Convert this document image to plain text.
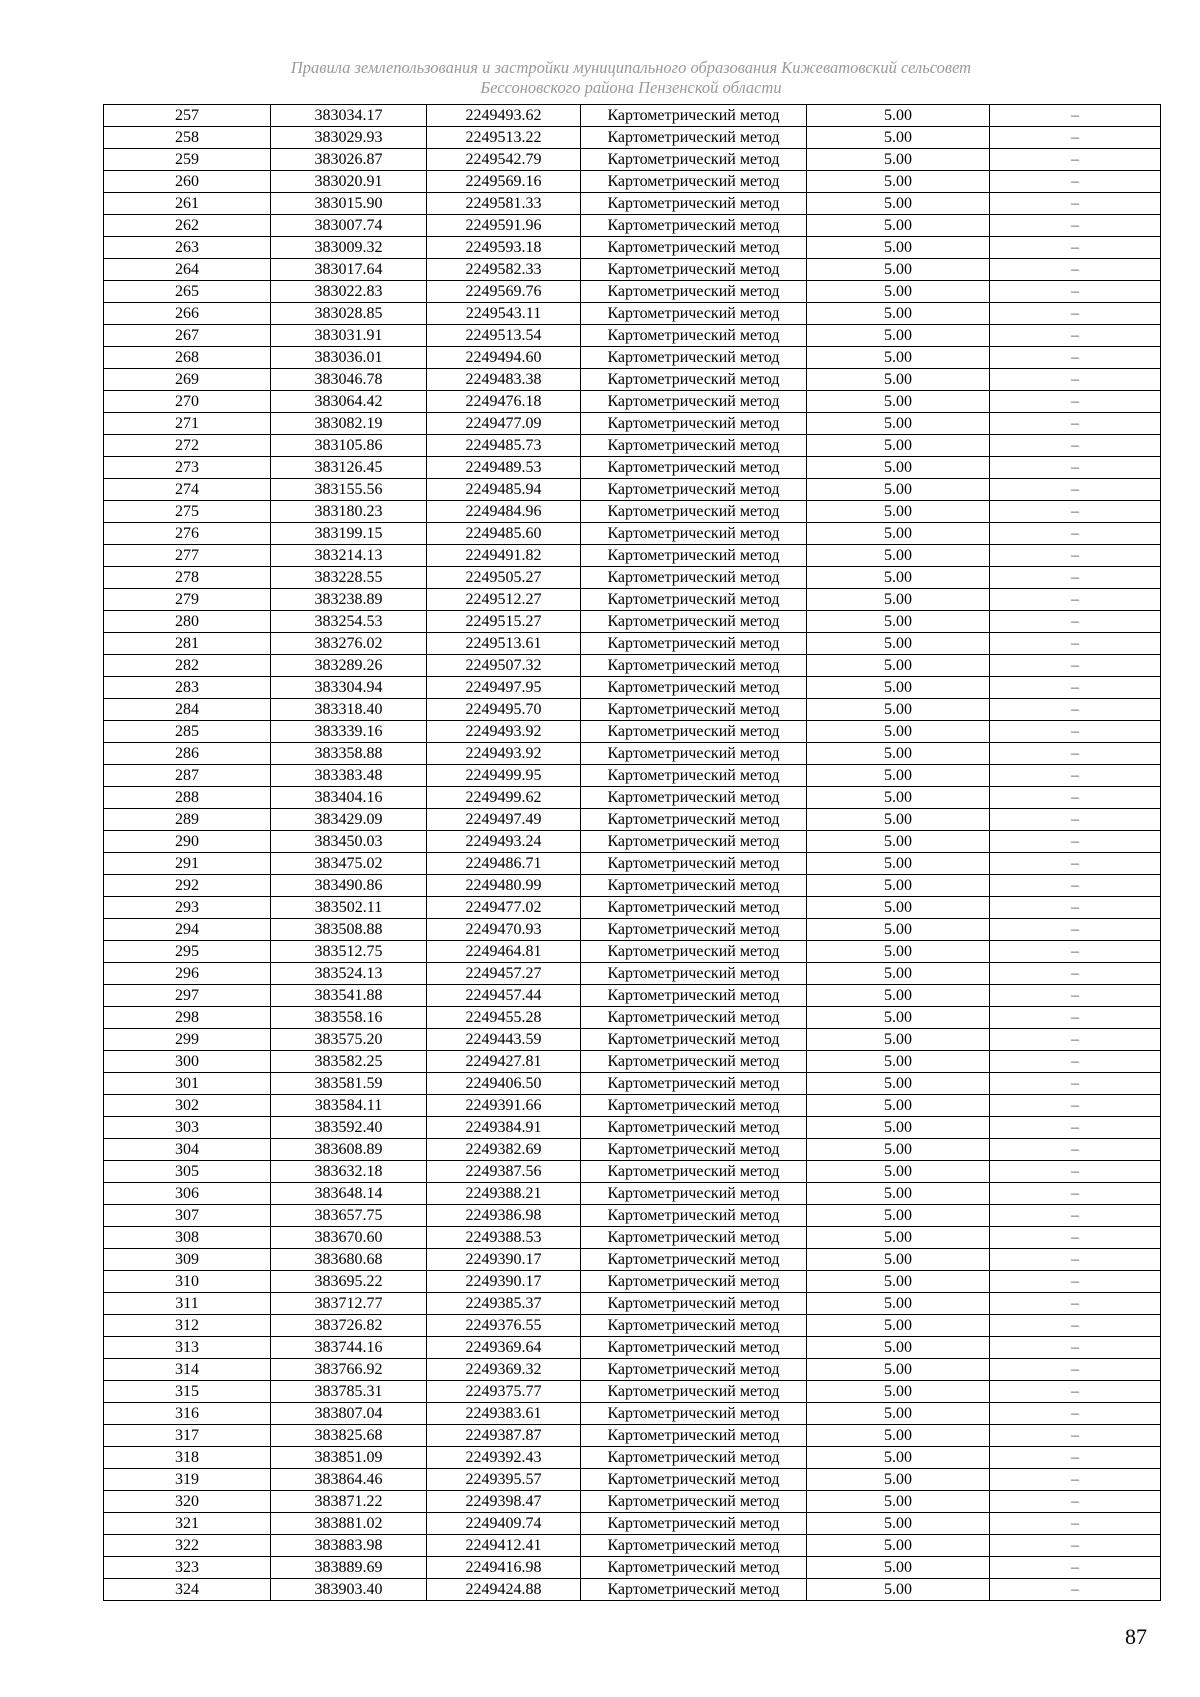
Правила землепользования и застройки муниципального образования Кижеватовский сельсовет
Бессоновского района Пензенской области
257	383034.17	2249493.62	Картометрический метод	5.00	–
258	383029.93	2249513.22	Картометрический метод	5.00	–
259	383026.87	2249542.79	Картометрический метод	5.00	–
260	383020.91	2249569.16	Картометрический метод	5.00	–
261	383015.90	2249581.33	Картометрический метод	5.00	–
262	383007.74	2249591.96	Картометрический метод	5.00	–
263	383009.32	2249593.18	Картометрический метод	5.00	–
264	383017.64	2249582.33	Картометрический метод	5.00	–
265	383022.83	2249569.76	Картометрический метод	5.00	–
266	383028.85	2249543.11	Картометрический метод	5.00	–
267	383031.91	2249513.54	Картометрический метод	5.00	–
268	383036.01	2249494.60	Картометрический метод	5.00	–
269	383046.78	2249483.38	Картометрический метод	5.00	–
270	383064.42	2249476.18	Картометрический метод	5.00	–
271	383082.19	2249477.09	Картометрический метод	5.00	–
272	383105.86	2249485.73	Картометрический метод	5.00	–
273	383126.45	2249489.53	Картометрический метод	5.00	–
274	383155.56	2249485.94	Картометрический метод	5.00	–
275	383180.23	2249484.96	Картометрический метод	5.00	–
276	383199.15	2249485.60	Картометрический метод	5.00	–
277	383214.13	2249491.82	Картометрический метод	5.00	–
278	383228.55	2249505.27	Картометрический метод	5.00	–
279	383238.89	2249512.27	Картометрический метод	5.00	–
280	383254.53	2249515.27	Картометрический метод	5.00	–
281	383276.02	2249513.61	Картометрический метод	5.00	–
282	383289.26	2249507.32	Картометрический метод	5.00	–
283	383304.94	2249497.95	Картометрический метод	5.00	–
284	383318.40	2249495.70	Картометрический метод	5.00	–
285	383339.16	2249493.92	Картометрический метод	5.00	–
286	383358.88	2249493.92	Картометрический метод	5.00	–
287	383383.48	2249499.95	Картометрический метод	5.00	–
288	383404.16	2249499.62	Картометрический метод	5.00	–
289	383429.09	2249497.49	Картометрический метод	5.00	–
290	383450.03	2249493.24	Картометрический метод	5.00	–
291	383475.02	2249486.71	Картометрический метод	5.00	–
292	383490.86	2249480.99	Картометрический метод	5.00	–
293	383502.11	2249477.02	Картометрический метод	5.00	–
294	383508.88	2249470.93	Картометрический метод	5.00	–
295	383512.75	2249464.81	Картометрический метод	5.00	–
296	383524.13	2249457.27	Картометрический метод	5.00	–
297	383541.88	2249457.44	Картометрический метод	5.00	–
298	383558.16	2249455.28	Картометрический метод	5.00	–
299	383575.20	2249443.59	Картометрический метод	5.00	–
300	383582.25	2249427.81	Картометрический метод	5.00	–
301	383581.59	2249406.50	Картометрический метод	5.00	–
302	383584.11	2249391.66	Картометрический метод	5.00	–
303	383592.40	2249384.91	Картометрический метод	5.00	–
304	383608.89	2249382.69	Картометрический метод	5.00	–
305	383632.18	2249387.56	Картометрический метод	5.00	–
306	383648.14	2249388.21	Картометрический метод	5.00	–
307	383657.75	2249386.98	Картометрический метод	5.00	–
308	383670.60	2249388.53	Картометрический метод	5.00	–
309	383680.68	2249390.17	Картометрический метод	5.00	–
310	383695.22	2249390.17	Картометрический метод	5.00	–
311	383712.77	2249385.37	Картометрический метод	5.00	–
312	383726.82	2249376.55	Картометрический метод	5.00	–
313	383744.16	2249369.64	Картометрический метод	5.00	–
314	383766.92	2249369.32	Картометрический метод	5.00	–
315	383785.31	2249375.77	Картометрический метод	5.00	–
316	383807.04	2249383.61	Картометрический метод	5.00	–
317	383825.68	2249387.87	Картометрический метод	5.00	–
318	383851.09	2249392.43	Картометрический метод	5.00	–
319	383864.46	2249395.57	Картометрический метод	5.00	–
320	383871.22	2249398.47	Картометрический метод	5.00	–
321	383881.02	2249409.74	Картометрический метод	5.00	–
322	383883.98	2249412.41	Картометрический метод	5.00	–
323	383889.69	2249416.98	Картометрический метод	5.00	–
324	383903.40	2249424.88	Картометрический метод	5.00	–
87
